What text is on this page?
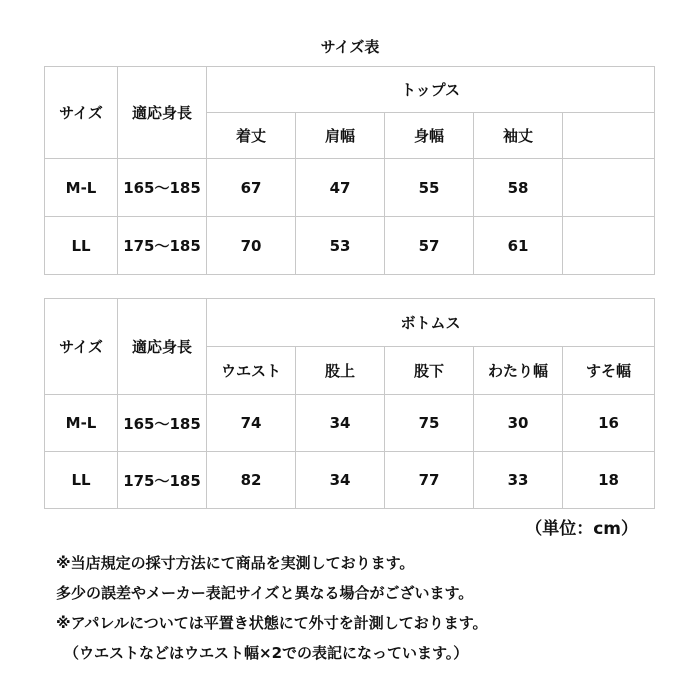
サイズ表
サイズ	適応身長	トップス				
		着丈	肩幅	身幅	袖丈	
M-L	165～185	67	47	55	58	
LL	175～185	70	53	57	61	
サイズ	適応身長	ボトムス				
		ウエスト	股上	股下	わたり幅	すそ幅
M-L	165～185	74	34	75	30	16
LL	175～185	82	34	77	33	18
（単位：cm）
※当店規定の採寸方法にて商品を実測しております。
多少の誤差やメーカー表記サイズと異なる場合がございます。
※アパレルについては平置き状態にて外寸を計測しております。
（ウエストなどはウエスト幅×2での表記になっています。）
